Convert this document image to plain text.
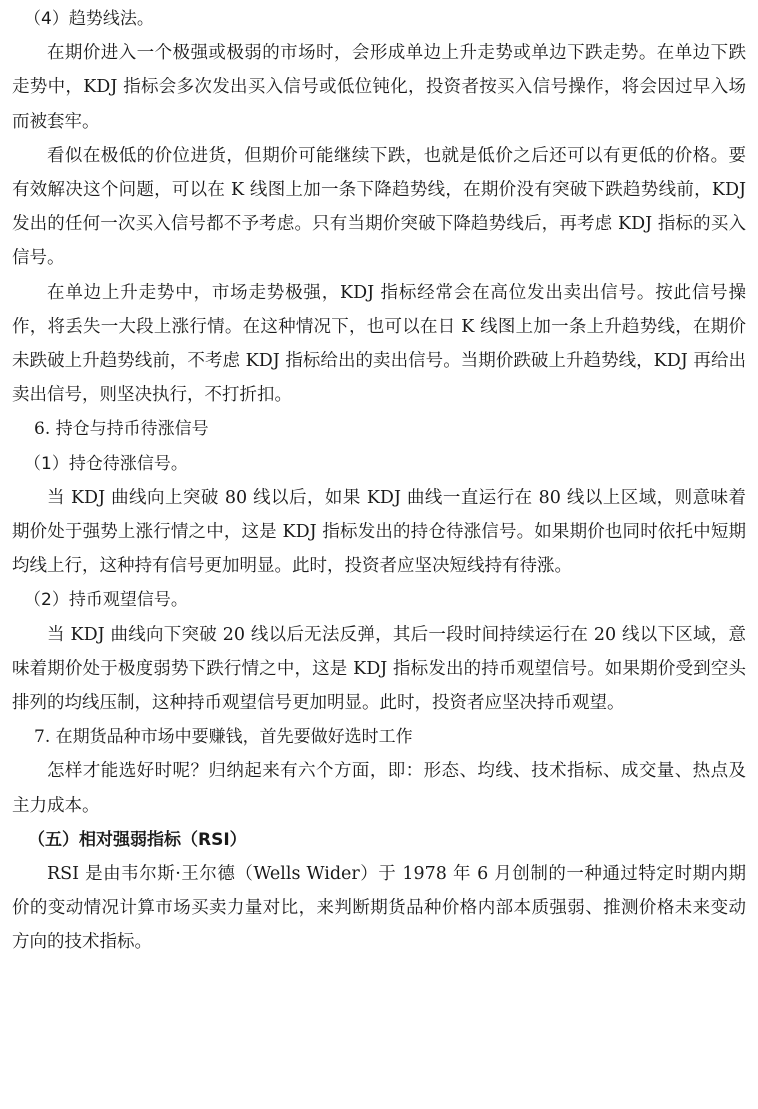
（4）趋势线法。

在期价进入一个极强或极弱的市场时，会形成单边上升走势或单边下跌走势。在单边下跌走势中，KDJ 指标会多次发出买入信号或低位钝化，投资者按买入信号操作，将会因过早入场而被套牢。

看似在极低的价位进货，但期价可能继续下跌，也就是低价之后还可以有更低的价格。要有效解决这个问题，可以在 K 线图上加一条下降趋势线，在期价没有突破下跌趋势线前，KDJ 发出的任何一次买入信号都不予考虑。只有当期价突破下降趋势线后，再考虑 KDJ 指标的买入信号。

在单边上升走势中，市场走势极强，KDJ 指标经常会在高位发出卖出信号。按此信号操作，将丢失一大段上涨行情。在这种情况下，也可以在日 K 线图上加一条上升趋势线，在期价未跌破上升趋势线前，不考虑 KDJ 指标给出的卖出信号。当期价跌破上升趋势线，KDJ 再给出卖出信号，则坚决执行，不打折扣。

6. 持仓与持币待涨信号
（1）持仓待涨信号。

当 KDJ 曲线向上突破 80 线以后，如果 KDJ 曲线一直运行在 80 线以上区域，则意味着期价处于强势上涨行情之中，这是 KDJ 指标发出的持仓待涨信号。如果期价也同时依托中短期均线上行，这种持有信号更加明显。此时，投资者应坚决短线持有待涨。

（2）持币观望信号。

当 KDJ 曲线向下突破 20 线以后无法反弹，其后一段时间持续运行在 20 线以下区域，意味着期价处于极度弱势下跌行情之中，这是 KDJ 指标发出的持币观望信号。如果期价受到空头排列的均线压制，这种持币观望信号更加明显。此时，投资者应坚决持币观望。

7. 在期货品种市场中要赚钱，首先要做好选时工作

怎样才能选好时呢？归纳起来有六个方面，即：形态、均线、技术指标、成交量、热点及主力成本。

（五）相对强弱指标（RSI）

RSI 是由韦尔斯·王尔德（Wells Wider）于 1978 年 6 月创制的一种通过特定时期内期价的变动情况计算市场买卖力量对比，来判断期货品种价格内部本质强弱、推测价格未来变动方向的技术指标。
